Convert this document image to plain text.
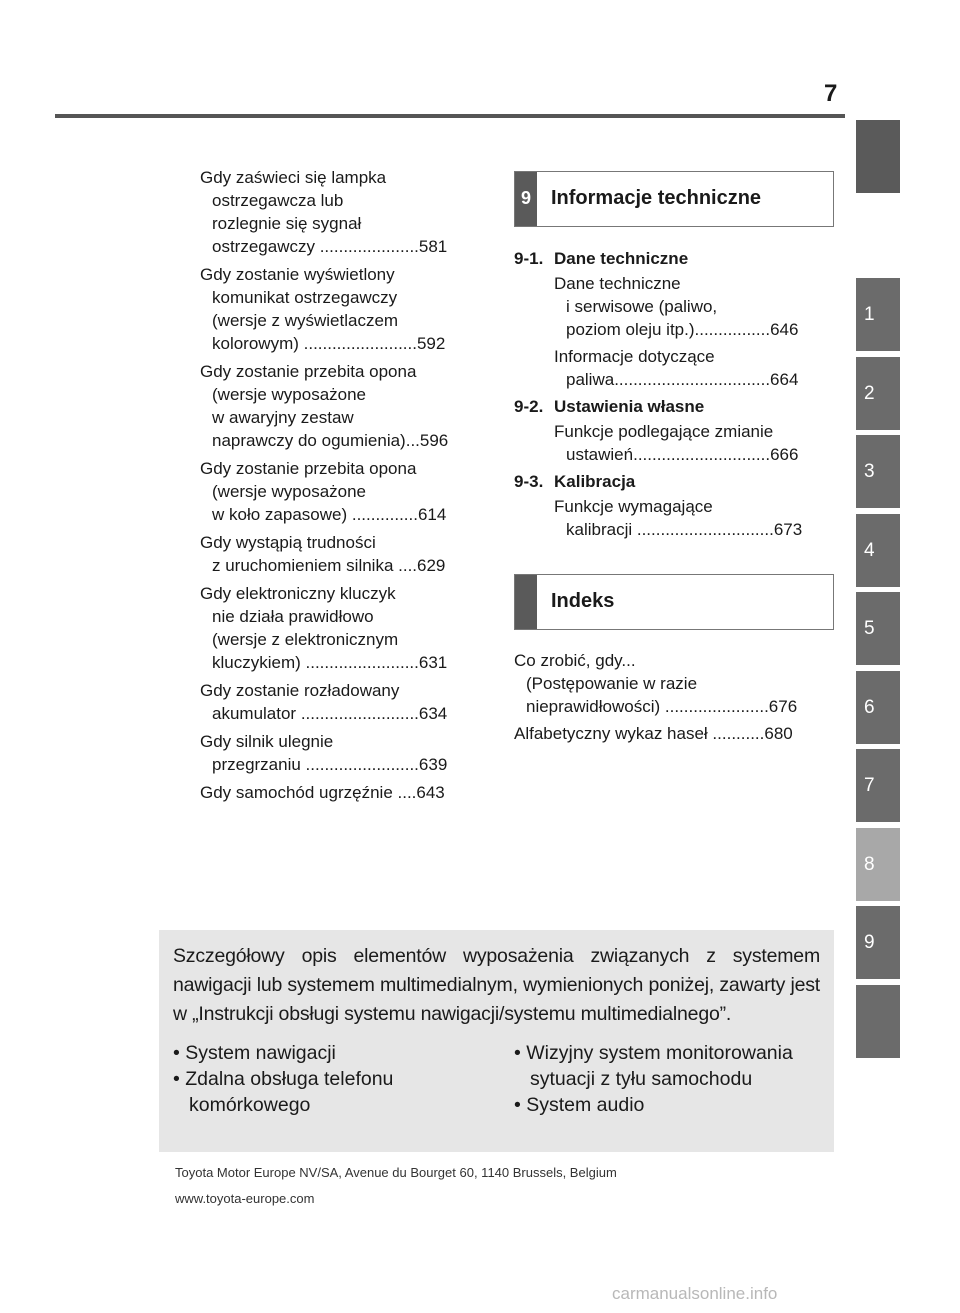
7
1
2
3
4
5
6
7
8
9
Gdy zaświeci się lampka
ostrzegawcza lub
rozlegnie się sygnał
ostrzegawczy .....................581
Gdy zostanie wyświetlony
komunikat ostrzegawczy
(wersje z wyświetlaczem
kolorowym) ........................592
Gdy zostanie przebita opona
(wersje wyposażone
w awaryjny zestaw
naprawczy do ogumienia)...596
Gdy zostanie przebita opona
(wersje wyposażone
w koło zapasowe) ..............614
Gdy wystąpią trudności
z uruchomieniem silnika ....629
Gdy elektroniczny kluczyk
nie działa prawidłowo
(wersje z elektronicznym
kluczykiem) ........................631
Gdy zostanie rozładowany
akumulator .........................634
Gdy silnik ulegnie
przegrzaniu ........................639
Gdy samochód ugrzęźnie ....643
9 Informacje techniczne
9-1. Dane techniczne
Dane techniczne
i serwisowe (paliwo,
poziom oleju itp.)................646
Informacje dotyczące
paliwa.................................664
9-2. Ustawienia własne
Funkcje podlegające zmianie
ustawień.............................666
9-3. Kalibracja
Funkcje wymagające
kalibracji .............................673
Indeks
Co zrobić, gdy...
(Postępowanie w razie
nieprawidłowości) ......................676
Alfabetyczny wykaz haseł ...........680
Szczegółowy opis elementów wyposażenia związanych z systemem nawigacji lub systemem multimedialnym, wymienionych poniżej, zawarty jest w „Instrukcji obsługi systemu nawigacji/systemu multimedialnego”.
• System nawigacji
• Zdalna obsługa telefonu komórkowego
• Wizyjny system monitorowania sytuacji z tyłu samochodu
• System audio
Toyota Motor Europe NV/SA, Avenue du Bourget 60, 1140 Brussels, Belgium
www.toyota-europe.com
carmanualsonline.info
